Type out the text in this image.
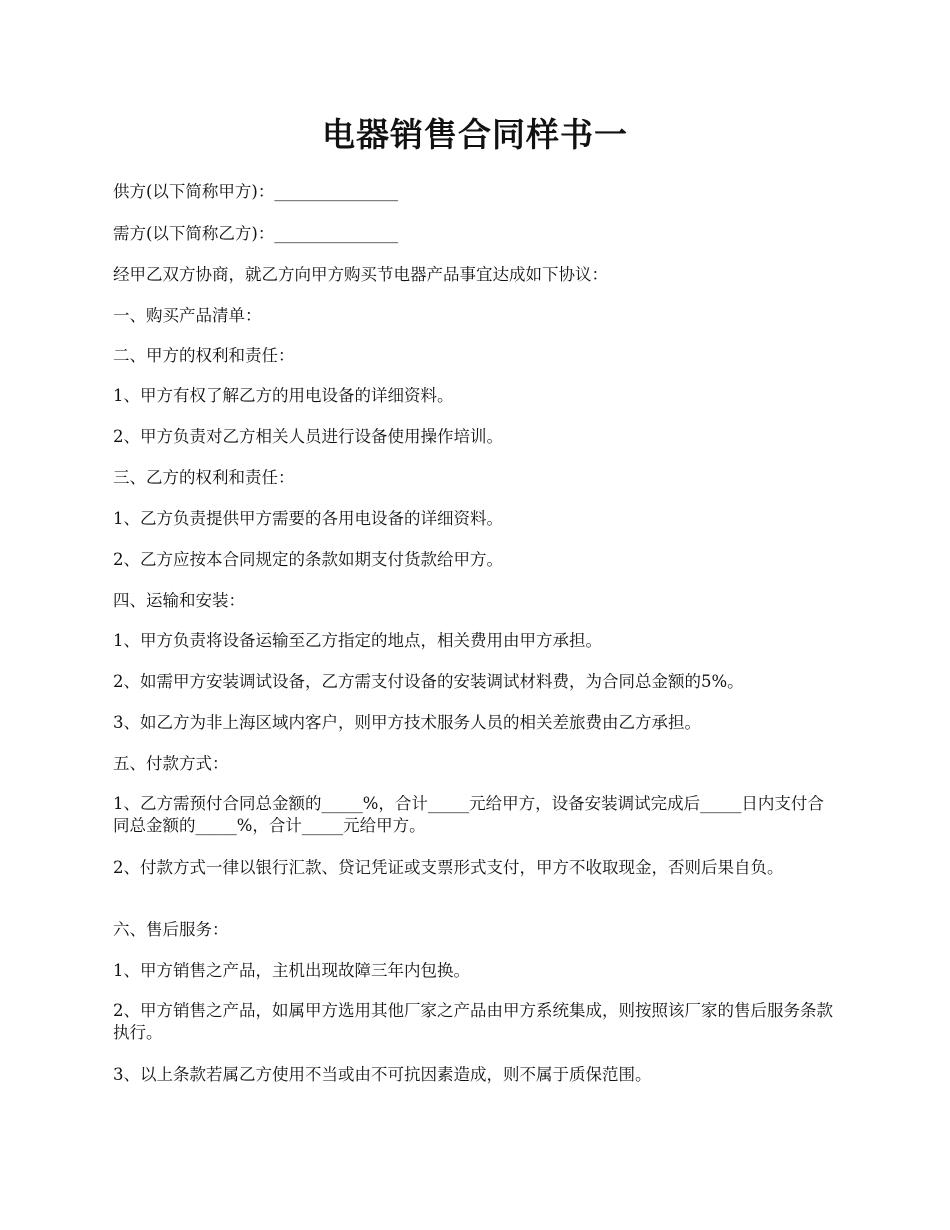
电器销售合同样书一

供方(以下简称甲方)：_______________

需方(以下简称乙方)：_______________

经甲乙双方协商，就乙方向甲方购买节电器产品事宜达成如下协议：

一、购买产品清单：

二、甲方的权利和责任：

1、甲方有权了解乙方的用电设备的详细资料。

2、甲方负责对乙方相关人员进行设备使用操作培训。

三、乙方的权利和责任：

1、乙方负责提供甲方需要的各用电设备的详细资料。

2、乙方应按本合同规定的条款如期支付货款给甲方。

四、运输和安装：

1、甲方负责将设备运输至乙方指定的地点，相关费用由甲方承担。

2、如需甲方安装调试设备，乙方需支付设备的安装调试材料费，为合同总金额的5%。

3、如乙方为非上海区域内客户，则甲方技术服务人员的相关差旅费由乙方承担。

五、付款方式：

1、乙方需预付合同总金额的_____%，合计_____元给甲方，设备安装调试完成后_____日内支付合同总金额的_____%，合计_____元给甲方。

2、付款方式一律以银行汇款、贷记凭证或支票形式支付，甲方不收取现金，否则后果自负。

六、售后服务：

1、甲方销售之产品，主机出现故障三年内包换。

2、甲方销售之产品，如属甲方选用其他厂家之产品由甲方系统集成，则按照该厂家的售后服务条款执行。

3、以上条款若属乙方使用不当或由不可抗因素造成，则不属于质保范围。
